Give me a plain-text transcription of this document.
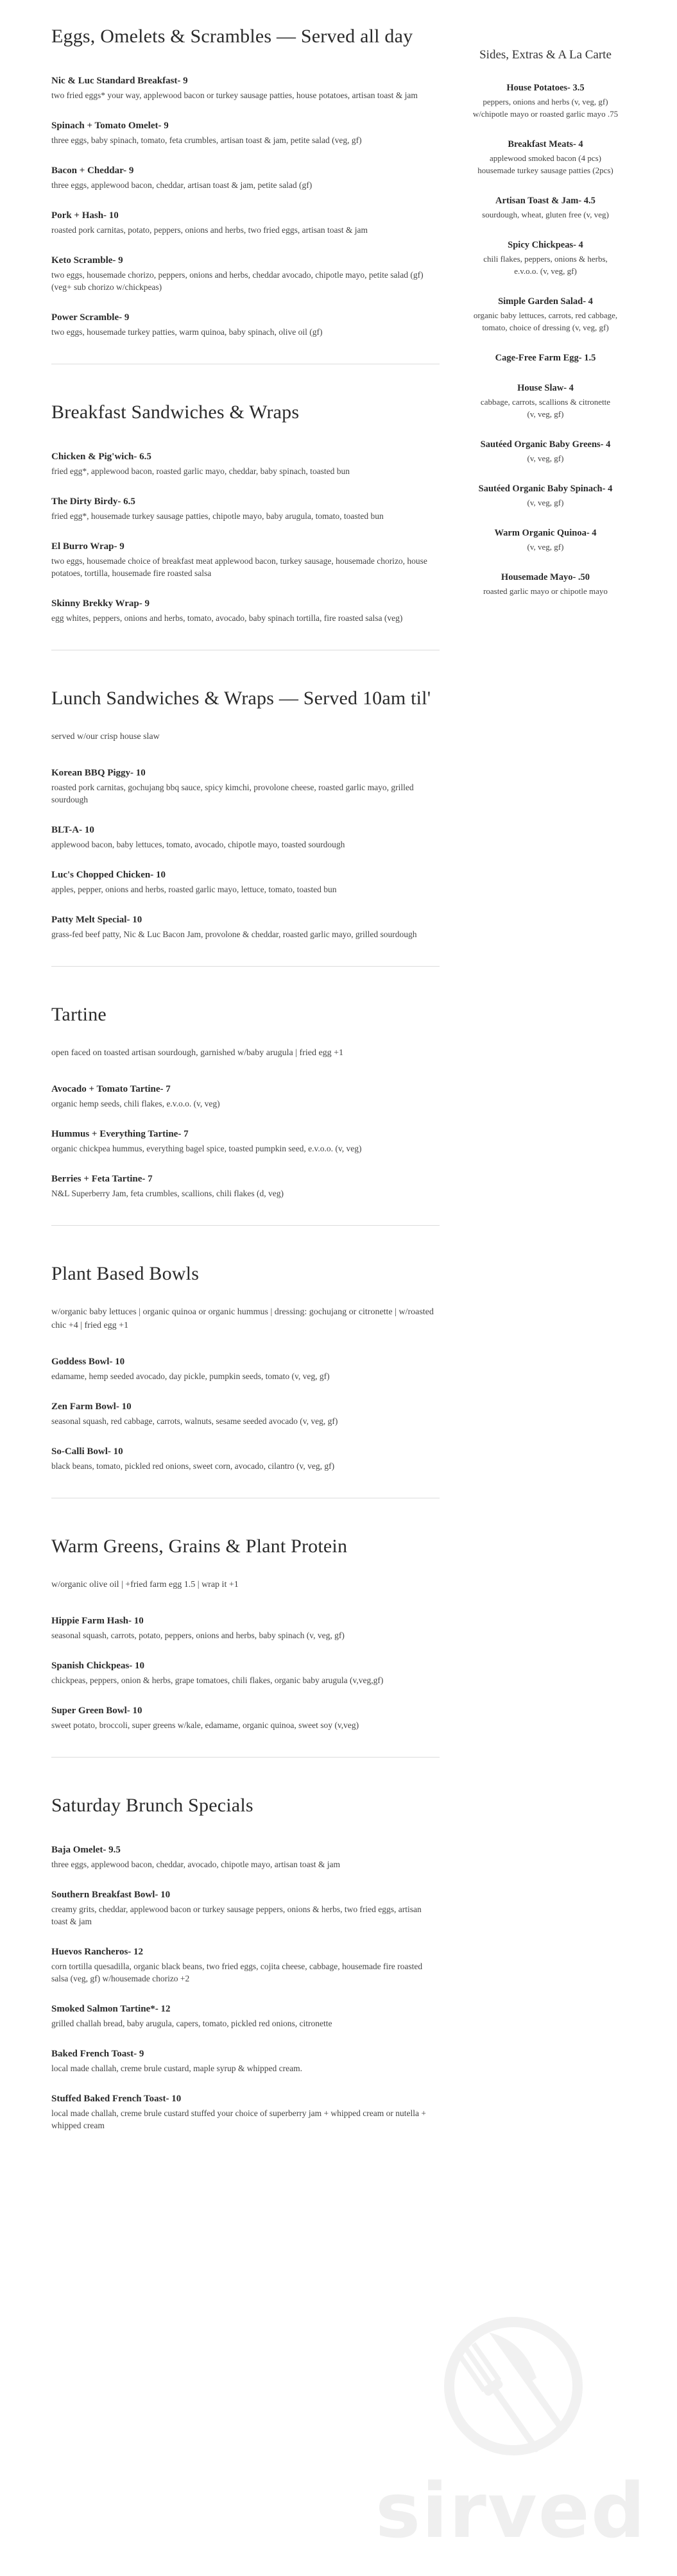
Eggs, Omelets & Scrambles — Served all day
Nic & Luc Standard Breakfast- 9
two fried eggs* your way, applewood bacon or turkey sausage patties, house potatoes, artisan toast & jam
Spinach + Tomato Omelet- 9
three eggs, baby spinach, tomato, feta crumbles, artisan toast & jam, petite salad (veg, gf)
Bacon + Cheddar- 9
three eggs, applewood bacon, cheddar, artisan toast & jam, petite salad (gf)
Pork + Hash- 10
roasted pork carnitas, potato, peppers, onions and herbs, two fried eggs, artisan toast & jam
Keto Scramble- 9
two eggs, housemade chorizo, peppers, onions and herbs, cheddar avocado, chipotle mayo, petite salad (gf) (veg+ sub chorizo w/chickpeas)
Power Scramble- 9
two eggs, housemade turkey patties, warm quinoa, baby spinach, olive oil (gf)
Breakfast Sandwiches & Wraps
Chicken & Pig'wich- 6.5
fried egg*, applewood bacon, roasted garlic mayo, cheddar, baby spinach, toasted bun
The Dirty Birdy- 6.5
fried egg*, housemade turkey sausage patties, chipotle mayo, baby arugula, tomato, toasted bun
El Burro Wrap- 9
two eggs, housemade choice of breakfast meat applewood bacon, turkey sausage, housemade chorizo, house potatoes, tortilla, housemade fire roasted salsa
Skinny Brekky Wrap- 9
egg whites, peppers, onions and herbs, tomato, avocado, baby spinach tortilla, fire roasted salsa (veg)
Lunch Sandwiches & Wraps — Served 10am til'
served w/our crisp house slaw
Korean BBQ Piggy- 10
roasted pork carnitas, gochujang bbq sauce, spicy kimchi, provolone cheese, roasted garlic mayo, grilled sourdough
BLT-A- 10
applewood bacon, baby lettuces, tomato, avocado, chipotle mayo, toasted sourdough
Luc's Chopped Chicken- 10
apples, pepper, onions and herbs, roasted garlic mayo, lettuce, tomato, toasted bun
Patty Melt Special- 10
grass-fed beef patty, Nic & Luc Bacon Jam, provolone & cheddar, roasted garlic mayo, grilled sourdough
Tartine
open faced on toasted artisan sourdough, garnished w/baby arugula | fried egg +1
Avocado + Tomato Tartine- 7
organic hemp seeds, chili flakes, e.v.o.o. (v, veg)
Hummus + Everything Tartine- 7
organic chickpea hummus, everything bagel spice, toasted pumpkin seed, e.v.o.o. (v, veg)
Berries + Feta Tartine- 7
N&L Superberry Jam, feta crumbles, scallions, chili flakes (d, veg)
Plant Based Bowls
w/organic baby lettuces | organic quinoa or organic hummus | dressing: gochujang or citronette | w/roasted chic +4 | fried egg +1
Goddess Bowl- 10
edamame, hemp seeded avocado, day pickle, pumpkin seeds, tomato (v, veg, gf)
Zen Farm Bowl- 10
seasonal squash, red cabbage, carrots, walnuts, sesame seeded avocado (v, veg, gf)
So-Calli Bowl- 10
black beans, tomato, pickled red onions, sweet corn, avocado, cilantro (v, veg, gf)
Warm Greens, Grains & Plant Protein
w/organic olive oil | +fried farm egg 1.5 | wrap it +1
Hippie Farm Hash- 10
seasonal squash, carrots, potato, peppers, onions and herbs, baby spinach (v, veg, gf)
Spanish Chickpeas- 10
chickpeas, peppers, onion & herbs, grape tomatoes, chili flakes, organic baby arugula (v,veg,gf)
Super Green Bowl- 10
sweet potato, broccoli, super greens w/kale, edamame, organic quinoa, sweet soy (v,veg)
Saturday Brunch Specials
Baja Omelet- 9.5
three eggs, applewood bacon, cheddar, avocado, chipotle mayo, artisan toast & jam
Southern Breakfast Bowl- 10
creamy grits, cheddar, applewood bacon or turkey sausage peppers, onions & herbs, two fried eggs, artisan toast & jam
Huevos Rancheros- 12
corn tortilla quesadilla, organic black beans, two fried eggs, cojita cheese, cabbage, housemade fire roasted salsa (veg, gf) w/housemade chorizo +2
Smoked Salmon Tartine*- 12
grilled challah bread, baby arugula, capers, tomato, pickled red onions, citronette
Baked French Toast- 9
local made challah, creme brule custard, maple syrup & whipped cream.
Stuffed Baked French Toast- 10
local made challah, creme brule custard stuffed your choice of superberry jam + whipped cream or nutella + whipped cream
Sides, Extras & A La Carte
House Potatoes- 3.5
peppers, onions and herbs (v, veg, gf)
w/chipotle mayo or roasted garlic mayo .75
Breakfast Meats- 4
applewood smoked bacon (4 pcs)
housemade turkey sausage patties (2pcs)
Artisan Toast & Jam- 4.5
sourdough, wheat, gluten free (v, veg)
Spicy Chickpeas- 4
chili flakes, peppers, onions & herbs,
e.v.o.o. (v, veg, gf)
Simple Garden Salad- 4
organic baby lettuces, carrots, red cabbage,
tomato, choice of dressing (v, veg, gf)
Cage-Free Farm Egg- 1.5
House Slaw- 4
cabbage, carrots, scallions & citronette
(v, veg, gf)
Sautéed Organic Baby Greens- 4
(v, veg, gf)
Sautéed Organic Baby Spinach- 4
(v, veg, gf)
Warm Organic Quinoa- 4
(v, veg, gf)
Housemade Mayo- .50
roasted garlic mayo or chipotle mayo
sirved
